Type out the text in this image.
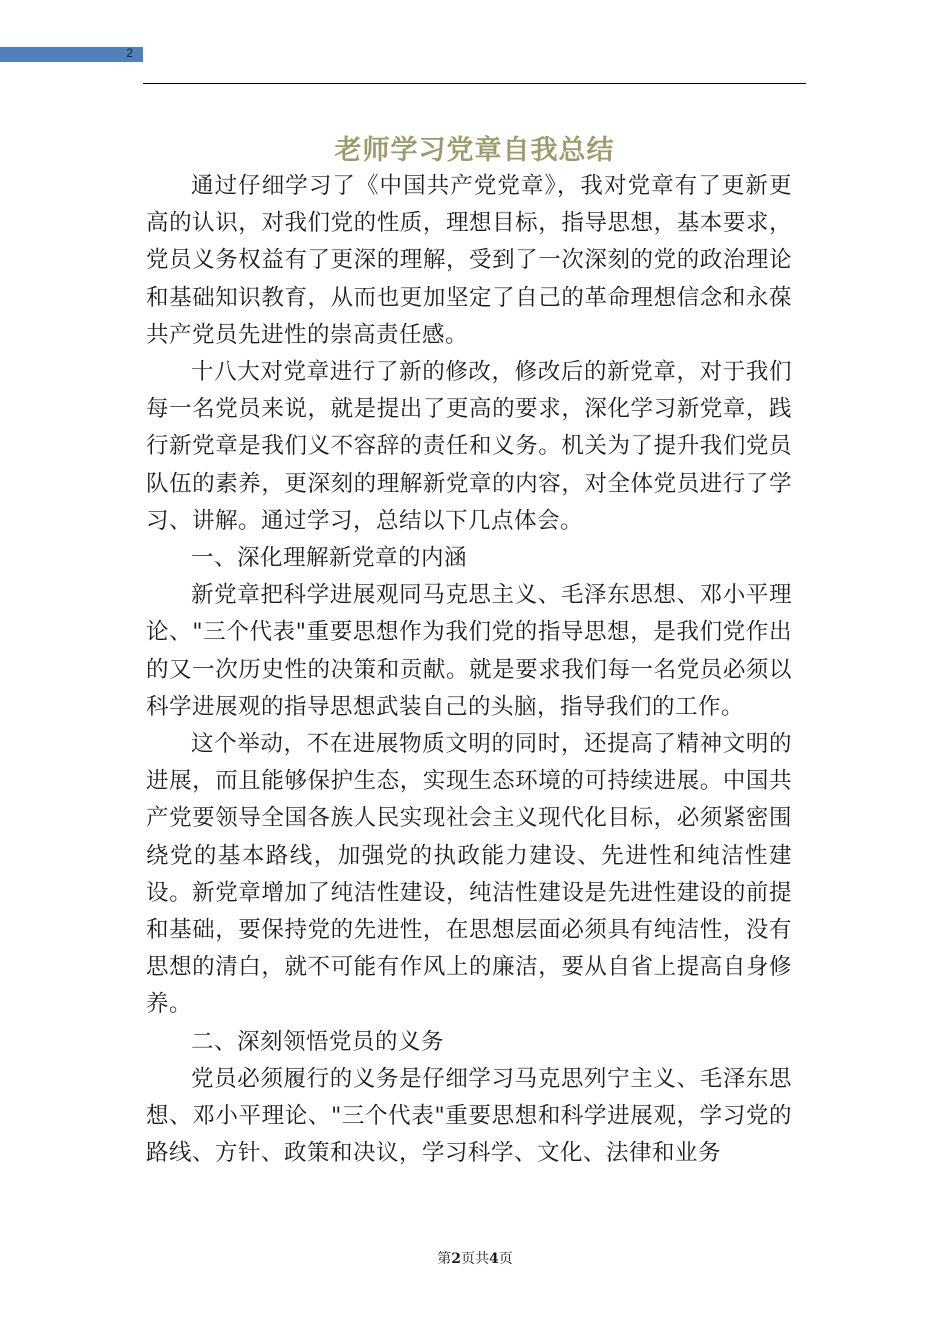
2
老师学习党章自我总结

通过仔细学习了《中国共产党党章》，我对党章有了更新更高的认识，对我们党的性质，理想目标，指导思想，基本要求，党员义务权益有了更深的理解，受到了一次深刻的党的政治理论和基础知识教育，从而也更加坚定了自己的革命理想信念和永葆共产党员先进性的崇高责任感。

十八大对党章进行了新的修改，修改后的新党章，对于我们每一名党员来说，就是提出了更高的要求，深化学习新党章，践行新党章是我们义不容辞的责任和义务。机关为了提升我们党员队伍的素养，更深刻的理解新党章的内容，对全体党员进行了学习、讲解。通过学习，总结以下几点体会。

一、深化理解新党章的内涵

新党章把科学进展观同马克思主义、毛泽东思想、邓小平理论、"三个代表"重要思想作为我们党的指导思想，是我们党作出的又一次历史性的决策和贡献。就是要求我们每一名党员必须以科学进展观的指导思想武装自己的头脑，指导我们的工作。

这个举动，不在进展物质文明的同时，还提高了精神文明的进展，而且能够保护生态，实现生态环境的可持续进展。中国共产党要领导全国各族人民实现社会主义现代化目标，必须紧密围绕党的基本路线，加强党的执政能力建设、先进性和纯洁性建设。新党章增加了纯洁性建设，纯洁性建设是先进性建设的前提和基础，要保持党的先进性，在思想层面必须具有纯洁性，没有思想的清白，就不可能有作风上的廉洁，要从自省上提高自身修养。

二、深刻领悟党员的义务

党员必须履行的义务是仔细学习马克思列宁主义、毛泽东思想、邓小平理论、"三个代表"重要思想和科学进展观，学习党的路线、方针、政策和决议，学习科学、文化、法律和业务

第2页共4页
